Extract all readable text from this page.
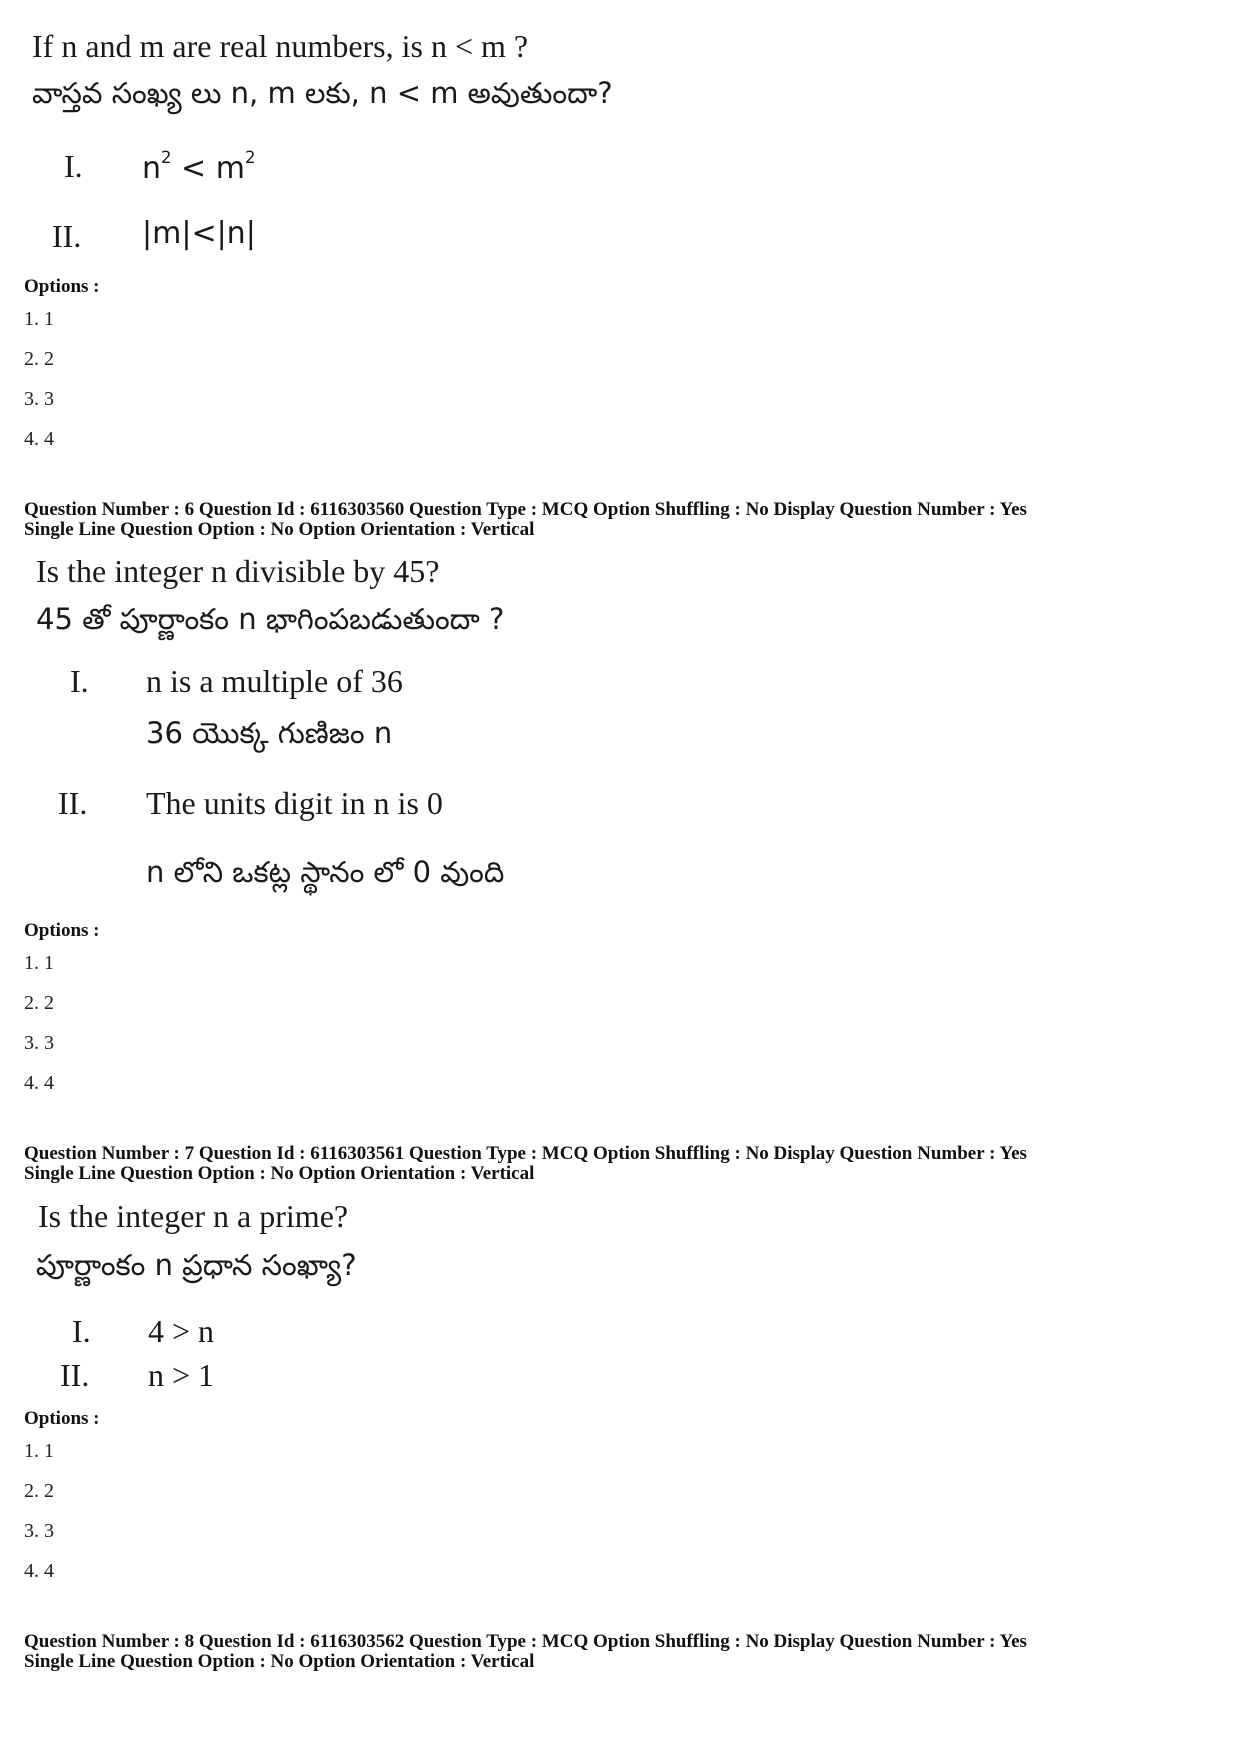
If n and m are real numbers, is n < m ?
వాస్తవ సంఖ్య లు n, m లకు, n < m అవుతుందా?
I. $n^2 < m^2$
II. |m|<|n|
Options :
1. 1
2. 2
3. 3
4. 4
Question Number : 6 Question Id : 6116303560 Question Type : MCQ Option Shuffling : No Display Question Number : Yes
Single Line Question Option : No Option Orientation : Vertical
Is the integer n divisible by 45?
45 తో పూర్ణాంకం n భాగింపబడుతుందా ?
I. n is a multiple of 36
36 యొక్క గుణిజం n
II. The units digit in n is 0
n లోని ఒకట్ల స్థానం లో 0 వుంది
Options :
1. 1
2. 2
3. 3
4. 4
Question Number : 7 Question Id : 6116303561 Question Type : MCQ Option Shuffling : No Display Question Number : Yes
Single Line Question Option : No Option Orientation : Vertical
Is the integer n a prime?
పూర్ణాంకం n ప్రధాన సంఖ్యా?
I. 4 > n
II. n > 1
Options :
1. 1
2. 2
3. 3
4. 4
Question Number : 8 Question Id : 6116303562 Question Type : MCQ Option Shuffling : No Display Question Number : Yes
Single Line Question Option : No Option Orientation : Vertical
